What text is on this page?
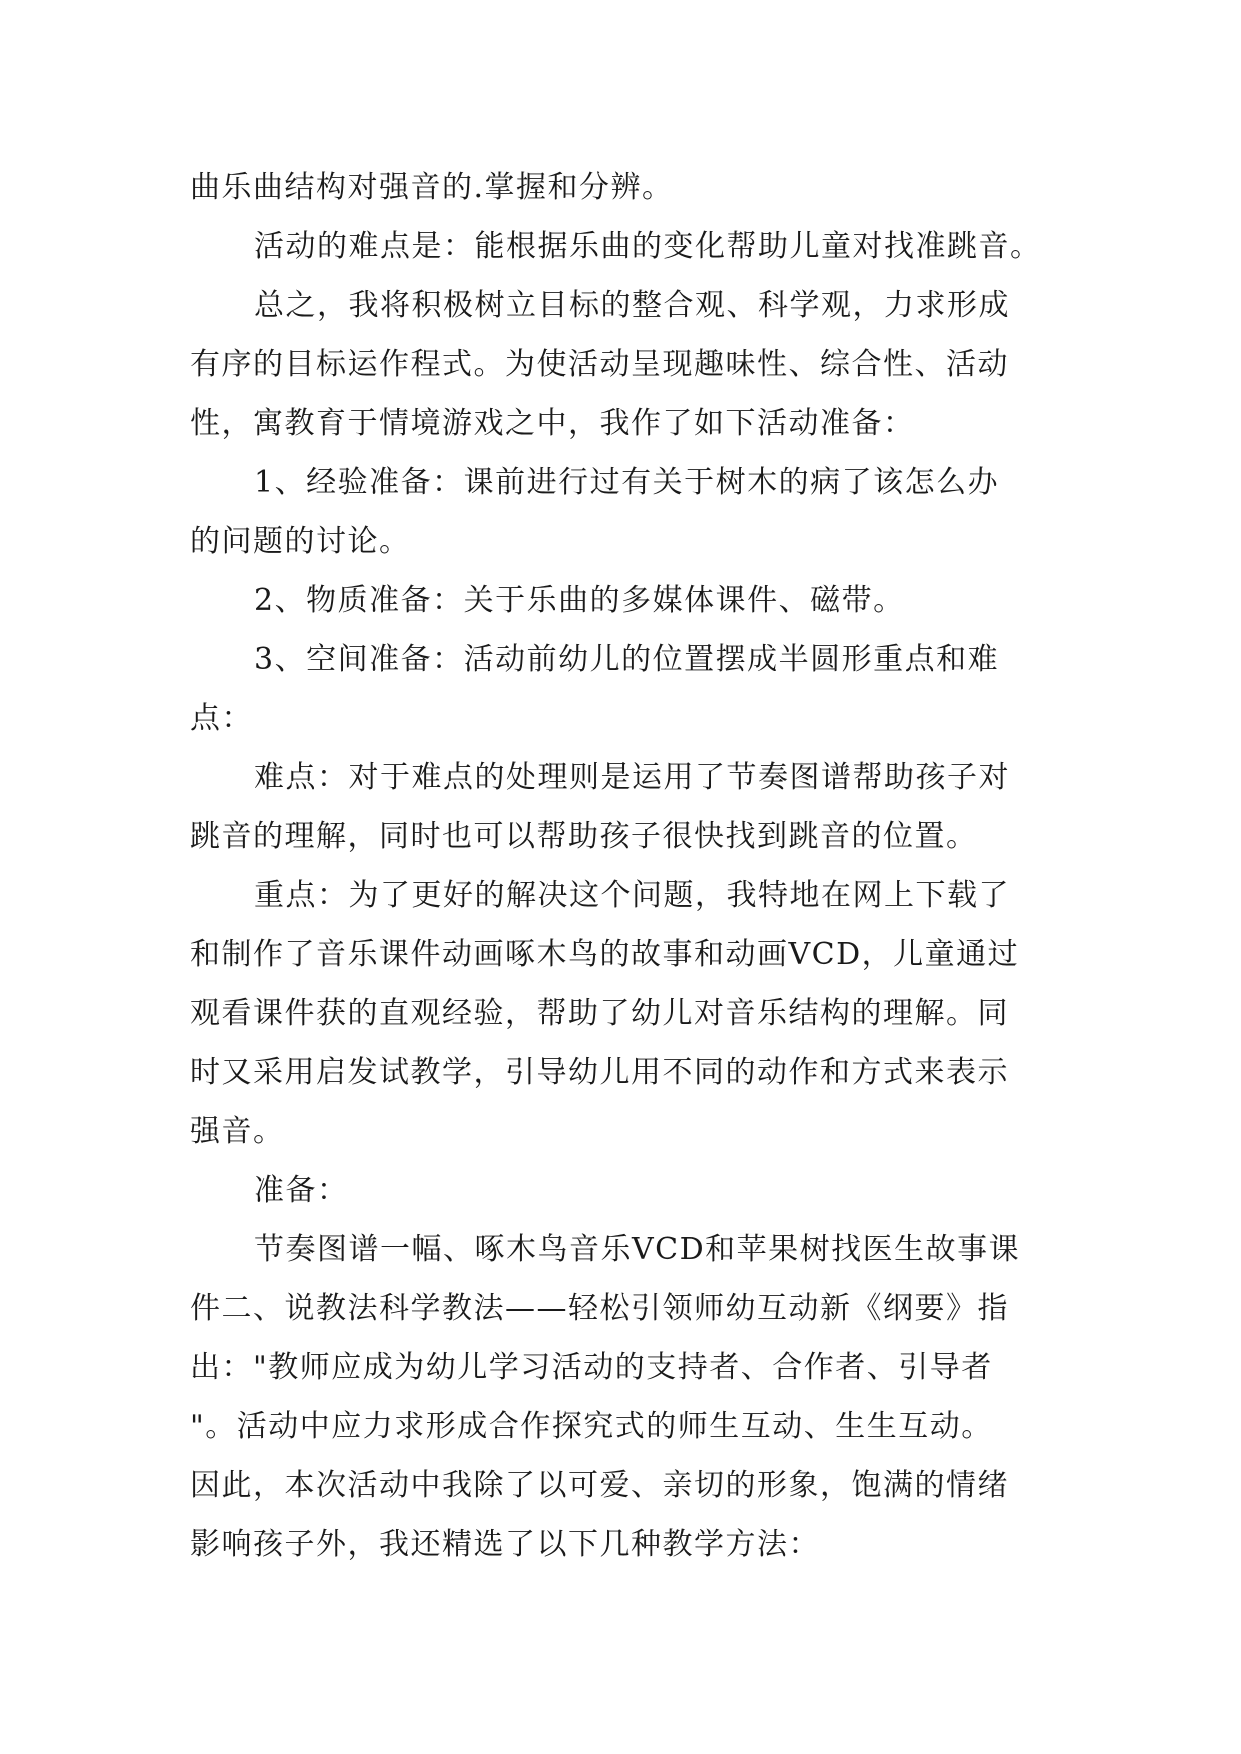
曲乐曲结构对强音的.掌握和分辨。
活动的难点是：能根据乐曲的变化帮助儿童对找准跳音。
总之，我将积极树立目标的整合观、科学观，力求形成
有序的目标运作程式。为使活动呈现趣味性、综合性、活动
性，寓教育于情境游戏之中，我作了如下活动准备：
1、经验准备：课前进行过有关于树木的病了该怎么办
的问题的讨论。
2、物质准备：关于乐曲的多媒体课件、磁带。
3、空间准备：活动前幼儿的位置摆成半圆形重点和难
点：
难点：对于难点的处理则是运用了节奏图谱帮助孩子对
跳音的理解，同时也可以帮助孩子很快找到跳音的位置。
重点：为了更好的解决这个问题，我特地在网上下载了
和制作了音乐课件动画啄木鸟的故事和动画VCD，儿童通过
观看课件获的直观经验，帮助了幼儿对音乐结构的理解。同
时又采用启发试教学，引导幼儿用不同的动作和方式来表示
强音。
准备：
节奏图谱一幅、啄木鸟音乐VCD和苹果树找医生故事课
件二、说教法科学教法——轻松引领师幼互动新《纲要》指
出："教师应成为幼儿学习活动的支持者、合作者、引导者
"。活动中应力求形成合作探究式的师生互动、生生互动。
因此，本次活动中我除了以可爱、亲切的形象，饱满的情绪
影响孩子外，我还精选了以下几种教学方法：
